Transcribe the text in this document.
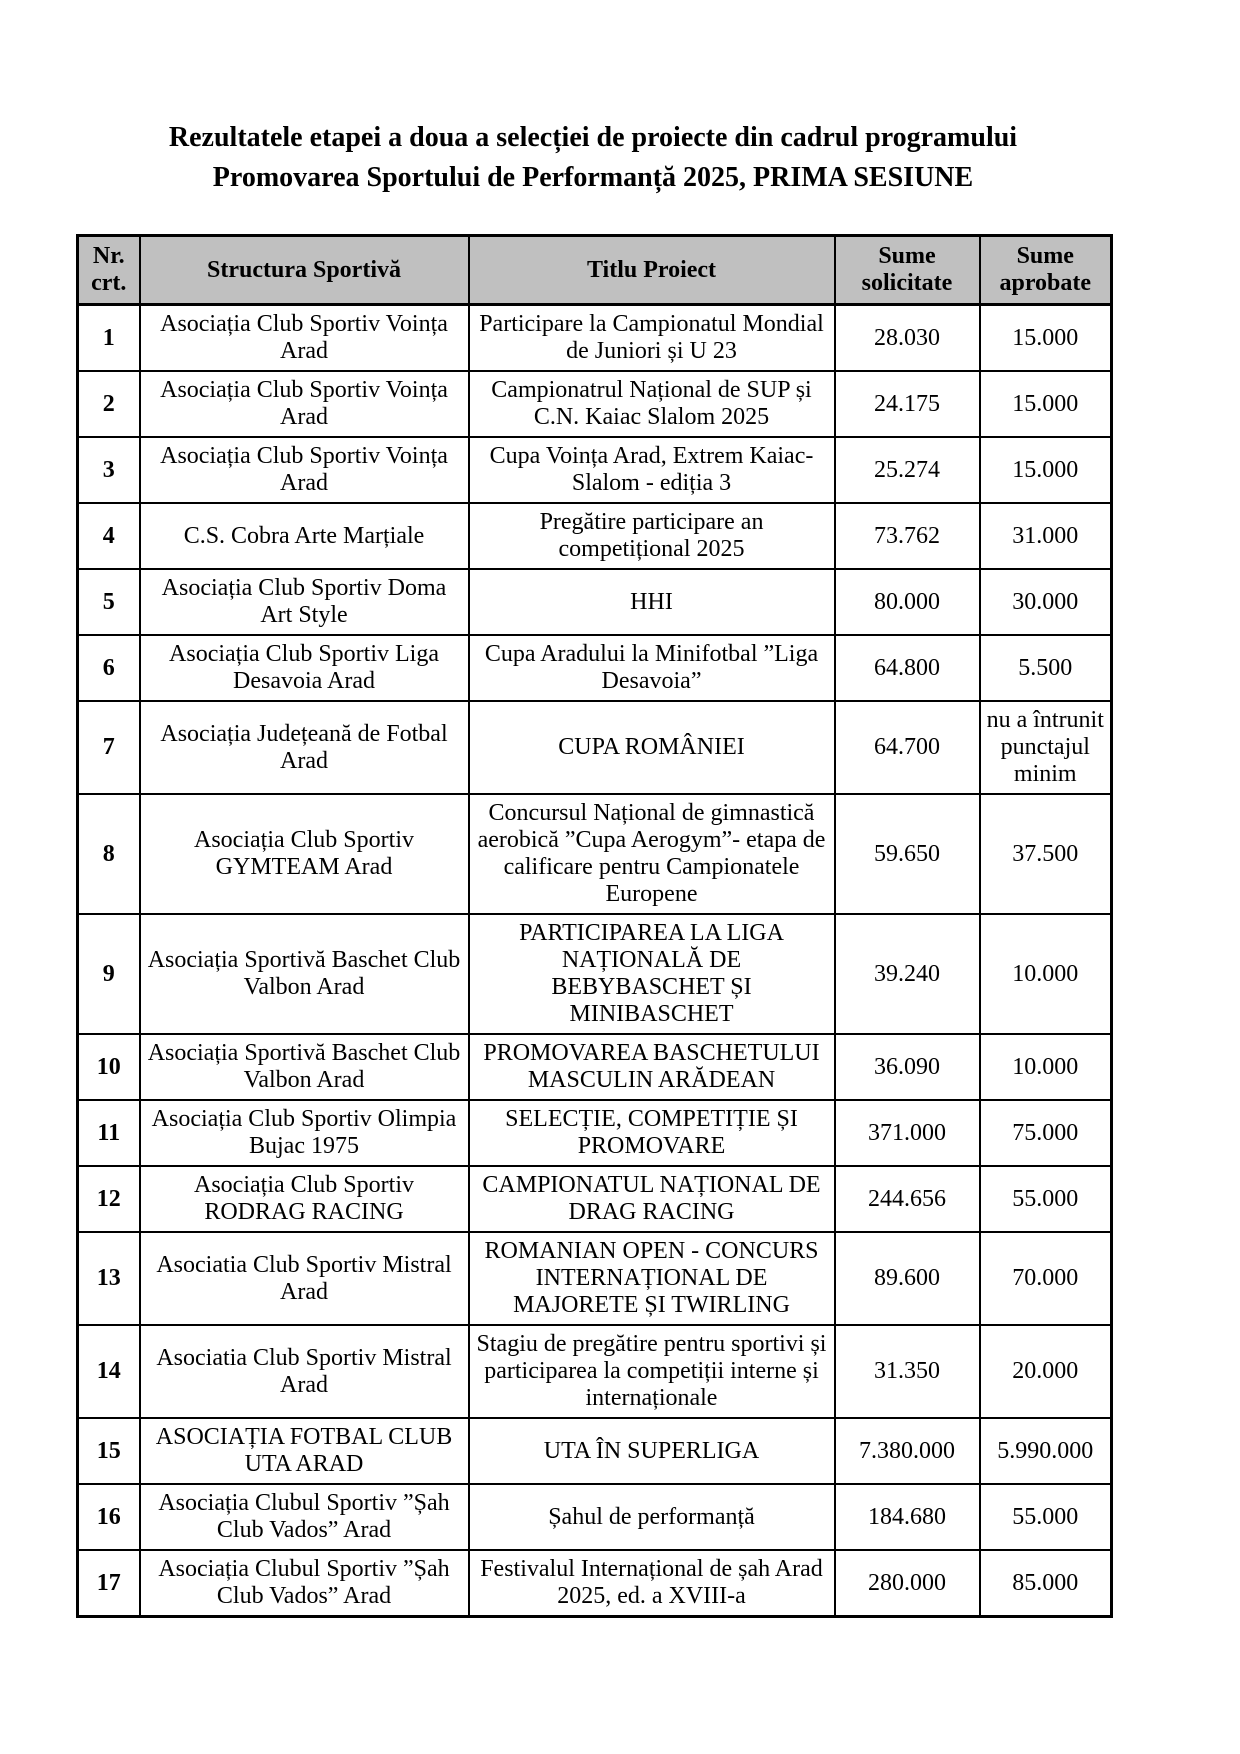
Rezultatele etapei a doua a selecției de proiecte din cadrul programului
Promovarea Sportului de Performanță 2025, PRIMA SESIUNE
Nr. crt.	Structura Sportivă	Titlu Proiect	Sume solicitate	Sume aprobate
1	Asociația Club Sportiv Voința Arad	Participare la Campionatul Mondial de Juniori și U 23	28.030	15.000
2	Asociația Club Sportiv Voința Arad	Campionatrul Național de SUP și C.N. Kaiac Slalom 2025	24.175	15.000
3	Asociația Club Sportiv Voința Arad	Cupa Voința Arad, Extrem Kaiac-Slalom - ediția 3	25.274	15.000
4	C.S. Cobra Arte Marțiale	Pregătire participare an competițional 2025	73.762	31.000
5	Asociația Club Sportiv Doma Art Style	HHI	80.000	30.000
6	Asociația Club Sportiv Liga Desavoia Arad	Cupa Aradului la Minifotbal ”Liga Desavoia”	64.800	5.500
7	Asociația Județeană de Fotbal Arad	CUPA ROMÂNIEI	64.700	nu a întrunit punctajul minim
8	Asociația Club Sportiv GYMTEAM Arad	Concursul Național de gimnastică aerobică ”Cupa Aerogym”- etapa de calificare pentru Campionatele Europene	59.650	37.500
9	Asociația Sportivă Baschet Club Valbon Arad	PARTICIPAREA LA LIGA NAȚIONALĂ DE BEBYBASCHET ȘI MINIBASCHET	39.240	10.000
10	Asociația Sportivă Baschet Club Valbon Arad	PROMOVAREA BASCHETULUI MASCULIN ARĂDEAN	36.090	10.000
11	Asociația Club Sportiv Olimpia Bujac 1975	SELECȚIE, COMPETIȚIE ȘI PROMOVARE	371.000	75.000
12	Asociația Club Sportiv RODRAG RACING	CAMPIONATUL NAȚIONAL DE DRAG RACING	244.656	55.000
13	Asociatia Club Sportiv Mistral Arad	ROMANIAN OPEN - CONCURS INTERNAȚIONAL DE MAJORETE ȘI TWIRLING	89.600	70.000
14	Asociatia Club Sportiv Mistral Arad	Stagiu de pregătire pentru sportivi și participarea la competiții interne și internaționale	31.350	20.000
15	ASOCIAȚIA FOTBAL CLUB UTA ARAD	UTA ÎN SUPERLIGA	7.380.000	5.990.000
16	Asociația Clubul Sportiv ”Șah Club Vados” Arad	Șahul de performanță	184.680	55.000
17	Asociația Clubul Sportiv ”Șah Club Vados” Arad	Festivalul Internațional de șah Arad 2025, ed. a XVIII-a	280.000	85.000
